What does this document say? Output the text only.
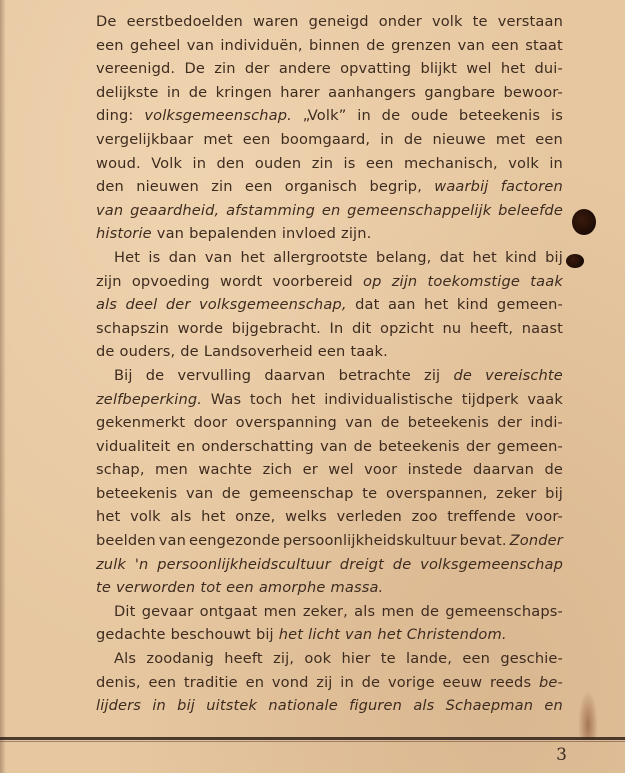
De eerstbedoelden waren geneigd onder volk te verstaan
een geheel van individuën, binnen de grenzen van een staat
vereenigd. De zin der andere opvatting blijkt wel het dui-
delijkste in de kringen harer aanhangers gangbare bewoor-
ding: volksgemeenschap. „Volk” in de oude beteekenis is
vergelijkbaar met een boomgaard, in de nieuwe met een
woud. Volk in den ouden zin is een mechanisch, volk in
den nieuwen zin een organisch begrip, waarbij factoren
van geaardheid, afstamming en gemeenschappelijk beleefde
historie van bepalenden invloed zijn.
Het is dan van het allergrootste belang, dat het kind bij
zijn opvoeding wordt voorbereid op zijn toekomstige taak
als deel der volksgemeenschap, dat aan het kind gemeen-
schapszin worde bijgebracht. In dit opzicht nu heeft, naast
de ouders, de Landsoverheid een taak.
Bij de vervulling daarvan betrachte zij de vereischte
zelfbeperking. Was toch het individualistische tijdperk vaak
gekenmerkt door overspanning van de beteekenis der indi-
vidualiteit en onderschatting van de beteekenis der gemeen-
schap, men wachte zich er wel voor instede daarvan de
beteekenis van de gemeenschap te overspannen, zeker bij
het volk als het onze, welks verleden zoo treffende voor-
beelden van eengezonde persoonlijkheidskultuur bevat. Zonder
zulk 'n persoonlijkheidscultuur dreigt de volksgemeenschap
te verworden tot een amorphe massa.
Dit gevaar ontgaat men zeker, als men de gemeenschaps-
gedachte beschouwt bij het licht van het Christendom.
Als zoodanig heeft zij, ook hier te lande, een geschie-
denis, een traditie en vond zij in de vorige eeuw reeds be-
lijders in bij uitstek nationale figuren als Schaepman en
3
